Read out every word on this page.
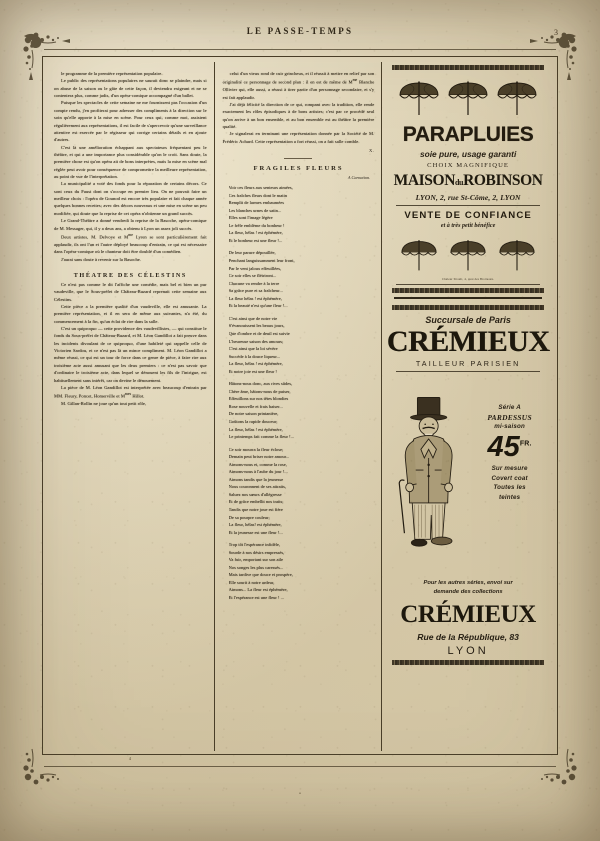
LE PASSE-TEMPS	3

le programme de la première représentation populaire.

Le public des représentations populaires ne saurait donc se plaindre, mais si on abuse de la saison ou le gâte de cette façon, il deviendra exigeant et ne se contentera plus, comme jadis, d'un opéra-comique accompagné d'un ballet.

Puisque les spectacles de cette semaine ne me fournissent pas l'occasion d'un compte rendu, j'en profiterai pour adresser des compliments à la direction sur le soin qu'elle apporte à la mise en scène. Pour ceux qui, comme moi, assistent régulièrement aux représentations, il est facile de s'apercevoir qu'une surveillance attentive est exercée par le régisseur qui corrige certains détails et en ajoute d'autres.

C'est là une amélioration échappant aux spectateurs fréquentant peu le théâtre, et qui a une importance plus considérable qu'on le croit. Sans doute, la première chose est qu'on opéra ait de bons interprètes, mais la mise en scène mal réglée peut avoir pour conséquence de compromettre la meilleure représentation, au point de vue de l'interprétation.

La municipalité a voté des fonds pour la réparation de certains décors. Ce sont ceux du Faust dont on s'occupe en premier lieu. On ne pouvait faire un meilleur choix : l'opéra de Gounod est encore très populaire et fait chaque année quelques bonnes recettes; avec des décors nouveaux et une mise en scène un peu modifiée, qui doute que la reprise de cet opéra n'obtienne un grand succès.

Le Grand-Théâtre a donné vendredi la reprise de la Basoche, opéra-comique de M. Messager, qui, il y a deux ans, a obtenu à Lyon un assez joli succès.

Deux artistes, M. Delvoye et $M^{me}$ Lyren se sont particulièrement fait applaudir, ils ont l'un et l'autre déployé beaucoup d'entrain, ce qui est nécessaire dans l'opéra-comique où le chanteur doit être doublé d'un comédien.

J'aurai sans doute à revenir sur la Basoche.

THÉATRE DES CÉLESTINS

Ce n'est pas comme le dit l'affiche une comédie, mais bel et bien un pur vaudeville, que le Sous-préfet de Château-Buzard reprenait cette semaine aux Célestins.

Cette pièce a la première qualité d'un vaudeville, elle est amusante. La première représentation, et il en sera de même aux suivantes, n'a été, du commencement à la fin, qu'un éclat de rire dans la salle.

C'est un quiproquo — cette providence des vaudevillistes, — qui constitue le fonds du Sous-préfet de Château-Buzard, et M. Léon Gandillot a fait preuve dans les incidents divoulant de ce quiproquo, d'une habileté qui rappelle celle de Victorien Sardou, et ce n'est pas là un mince compliment. M. Léon Gandillot a même réussi, ce qui est un tour de force dans ce genre de pièce, à faire rire aux troisième acte aussi amusant que les deux premiers : ce n'est pas savoir que d'ordinaire le troisième acte, dans lequel se dénouent les fils de l'intrigue, est habituellement sans intérêt, car on devine le dénouement.

La pièce de M. Léon Gandillot est interprétée avec beaucoup d'entrain par MM. Fleury, Poncet, Homerville et $M^{mes}$ Hillot.

M. Gillan-Rollin ne joue qu'un tout petit rôle,

4

celui d'un vieux rond de cuir grincheux, et il réussit à mettre en relief par son originalité ce personnage de second plan : il en est de même de $M^{me}$ Blanche Ollivier qui, elle aussi, a réussi à tirer partie d'un personnage secondaire, et s'y est fait applaudir.

J'ai déjà félicité la direction de ce qui, rompant avec la tradition, elle rende exactement les rôles épisodiques à de bons artistes; c'est par ce procédé seul qu'on arrive à un bon ensemble, et au bon ensemble est au théâtre la première qualité.

Je signalerai en terminant une représentation donnée par la Société de M. Frédéric Achard. Cette représentation a fort réussi, on a fait salle comble.

X.
FRAGILES FLEURS
A Carnation.
Voir ces fleurs aux senteurs aimées,
Ces fraîches fleurs dont le matin
Remplit de larmes embaumées
Les blanches urnes de satin...
Elles sont l'image légère
Le frêle emblème du bonheur !
La fleur, hélas ! est éphémère,
Et le bonheur est une fleur !...
De leur parure dépouillée,
Penchant languissamment leur front,
Par le vent jaloux effeuillées,
Ce soir elles se flétriront...
Chacune va rendre à la terre
Sa grâce pure et sa fraîcheur...
La fleur hélas ! est éphémère,
Et la beauté n'est qu'une fleur !...
C'est ainsi que de notre vie
S'évanouissent les beaux jours,
Que d'ombre et de deuil est suivie
L'heureuse saison des amours;
C'est ainsi que la loi sévère
Succède à la douce liqueur...
La fleur, hélas ! est éphémère,
Et notre joie est une fleur !
Hâtons-nous donc, aux rives sûdes,
Chère âme, hâtons-nous de puiser,
Effeuillons sur nos têtes blondies
Rose nouvelle et frais baiser...
De notre saison printanière,
Goûtons la rapide douceur;
La fleur, hélas ! est éphémère,
Le printemps fait comme la fleur !...
Ce soir mourra la fleur éclose;
Demain peut briser notre amour...
Aimons-nous et, comme la rose,
Aimons-nous à l'aube du jour !...
Aimons tandis que la jeunesse
Nous couronnent de ses attraits,
Saluez nos sœurs d'allégresse
Et de grâce embellit nos traits;
Tandis que notre joue est fière
De sa pourpre couleur;
La fleur, hélas! est éphémère,
Et la jeunesse est une fleur !...
Trop tôt l'espérance infidèle,
Sourde à nos désirs empressés,
Va fuir, emportant sur son aile
Nos songes les plus caressés...
Mais tardive que douce et prospère,
Elle sourit à notre ardeur,
Aimons... La fleur est éphémère,
Et l'espérance est une fleur ! ...
PARAPLUIES
soie pure, usage garanti
CHOIX MAGNIFIQUE
MAISONduROBINSON
LYON, 2, rue St-Côme, 2, LYON
VENTE DE CONFIANCE
et à très petit bénéfice
Chaleur Sitault, 4, quai des Brotteaux.
Succursale de Paris
CRÉMIEUX
TAILLEUR PARISIEN
Série A
PARDESSUS
mi-saison
$45^{FR.}$
Sur mesure
Covert coat
Toutes les
teintes
Pour les autres séries, envoi sur
demande des collections
CRÉMIEUX
Rue de la République, 83
LYON
•
